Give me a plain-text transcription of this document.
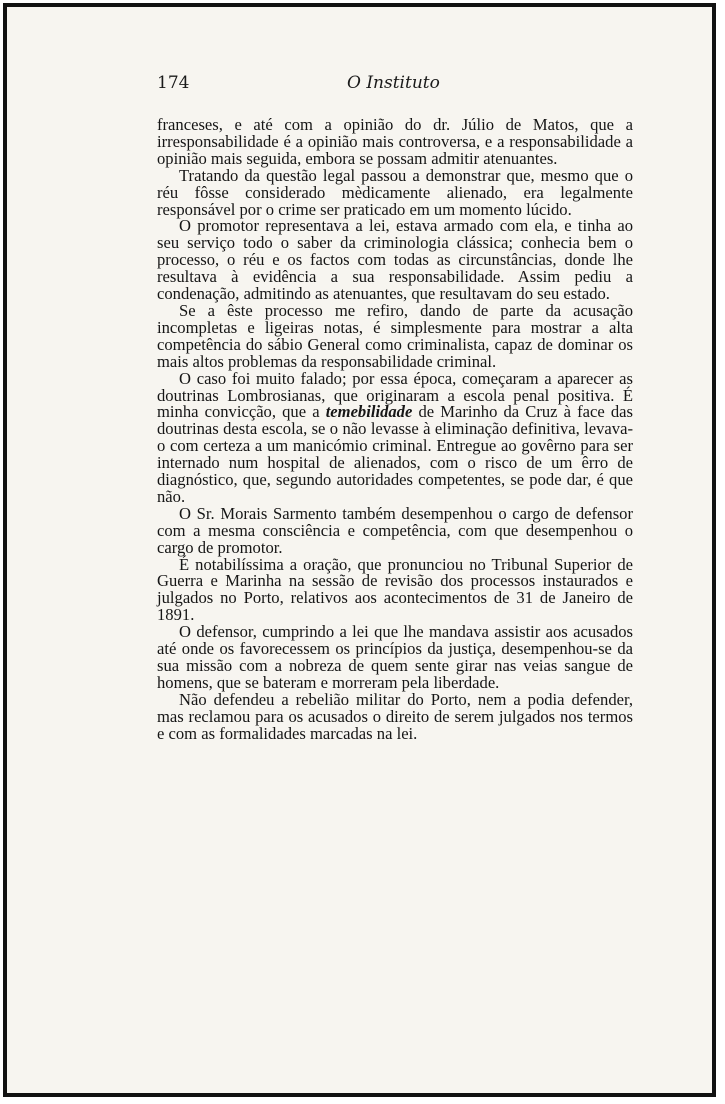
174	O Instituto

franceses, e até com a opinião do dr. Júlio de Matos, que a irresponsabilidade é a opinião mais controversa, e a responsabilidade a opinião mais seguida, embora se possam admitir atenuantes.

Tratando da questão legal passou a demonstrar que, mesmo que o réu fôsse considerado mèdicamente alienado, era legalmente responsável por o crime ser praticado em um momento lúcido.

O promotor representava a lei, estava armado com ela, e tinha ao seu serviço todo o saber da criminologia clássica; conhecia bem o processo, o réu e os factos com todas as circunstâncias, donde lhe resultava à evidência a sua responsabilidade. Assim pediu a condenação, admitindo as atenuantes, que resultavam do seu estado.

Se a êste processo me refiro, dando de parte da acusação incompletas e ligeiras notas, é simplesmente para mostrar a alta competência do sábio General como criminalista, capaz de dominar os mais altos problemas da responsabilidade criminal.

O caso foi muito falado; por essa época, começaram a aparecer as doutrinas Lombrosianas, que originaram a escola penal positiva. É minha convicção, que a temebilidade de Marinho da Cruz à face das doutrinas desta escola, se o não levasse à eliminação definitiva, levava-o com certeza a um manicómio criminal. Entregue ao govêrno para ser internado num hospital de alienados, com o risco de um êrro de diagnóstico, que, segundo autoridades competentes, se pode dar, é que não.

O Sr. Morais Sarmento também desempenhou o cargo de defensor com a mesma consciência e competência, com que desempenhou o cargo de promotor.

É notabilíssima a oração, que pronunciou no Tribunal Superior de Guerra e Marinha na sessão de revisão dos processos instaurados e julgados no Porto, relativos aos acontecimentos de 31 de Janeiro de 1891.

O defensor, cumprindo a lei que lhe mandava assistir aos acusados até onde os favorecessem os princípios da justiça, desempenhou-se da sua missão com a nobreza de quem sente girar nas veias sangue de homens, que se bateram e morreram pela liberdade.

Não defendeu a rebelião militar do Porto, nem a podia defender, mas reclamou para os acusados o direito de serem julgados nos termos e com as formalidades marcadas na lei.
